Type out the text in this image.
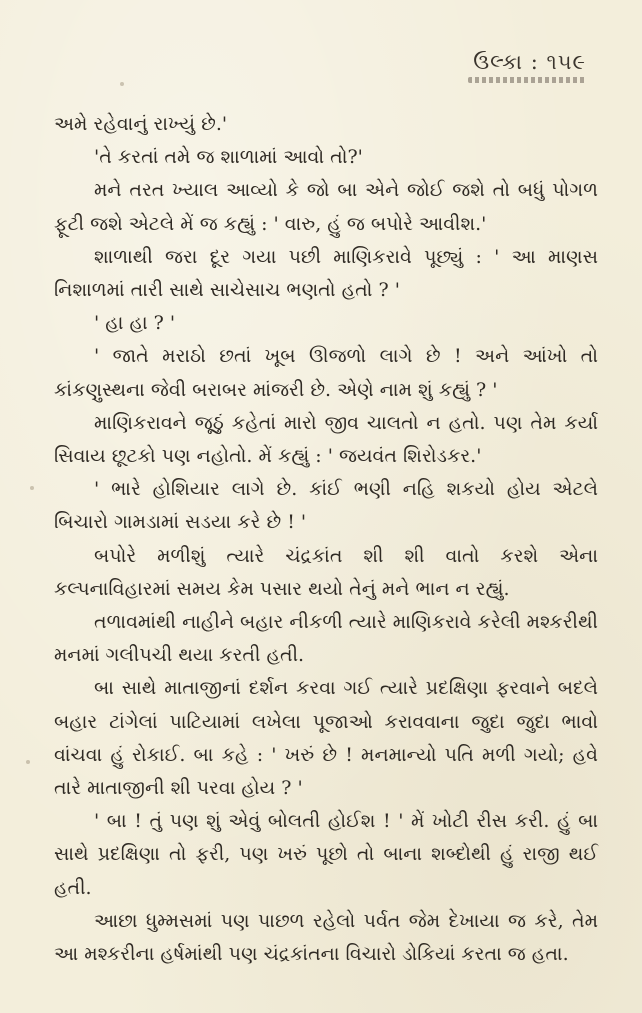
ઉલ્કા : ૧૫૯

અમે રહેવાનું રાખ્યું છે.'

'તે કરતાં તમે જ શાળામાં આવો તો?'

મને તરત ખ્યાલ આવ્યો કે જો બા એને જોઈ જશે તો બધું પોગળ ફૂટી જશે એટલે મેં જ કહ્યું : ' વારુ, હું જ બપોરે આવીશ.'

શાળાથી જરા દૂર ગયા પછી માણિકરાવે પૂછ્યું : ' આ માણસ નિશાળમાં તારી સાથે સાચેસાચ ભણતો હતો ? '

' હા હા ? '

' જાતે મરાઠો છતાં ખૂબ ઊજળો લાગે છે ! અને આંખો તો કાંકણુસ્થના જેવી બરાબર માંજરી છે. એણે નામ શું કહ્યું ? '

માણિકરાવને જૂઠું કહેતાં મારો જીવ ચાલતો ન હતો. પણ તેમ કર્યા સિવાય છૂટકો પણ નહોતો. મેં કહ્યું : ' જયવંત શિરોડકર.'

' ભારે હોશિયાર લાગે છે. કાંઈ ભણી નહિ શકયો હોય એટલે બિચારો ગામડામાં સડયા કરે છે ! '

બપોરે મળીશું ત્યારે ચંદ્રકાંત શી શી વાતો કરશે એના કલ્પનાવિહારમાં સમય કેમ પસાર થયો તેનું મને ભાન ન રહ્યું.

તળાવમાંથી નાહીને બહાર નીકળી ત્યારે માણિકરાવે કરેલી મશ્કરીથી મનમાં ગલીપચી થયા કરતી હતી.

બા સાથે માતાજીનાં દર્શન કરવા ગઈ ત્યારે પ્રદક્ષિણા ફરવાને બદલે બહાર ટાંગેલાં પાટિયામાં લખેલા પૂજાઓ કરાવવાના જુદા જુદા ભાવો વાંચવા હું રોકાઈ. બા કહે : ' ખરું છે ! મનમાન્યો પતિ મળી ગયો; હવે તારે માતાજીની શી પરવા હોય ? '

' બા ! તું પણ શું એવું બોલતી હોઈશ ! ' મેં ખોટી રીસ કરી. હું બા સાથે પ્રદક્ષિણા તો ફરી, પણ ખરું પૂછો તો બાના શબ્દોથી હું રાજી થઈ હતી.

આછા ધુમ્મસમાં પણ પાછળ રહેલો પર્વત જેમ દેખાયા જ કરે, તેમ આ મશ્કરીના હર્ષમાંથી પણ ચંદ્રકાંતના વિચારો ડોકિયાં કરતા જ હતા.
